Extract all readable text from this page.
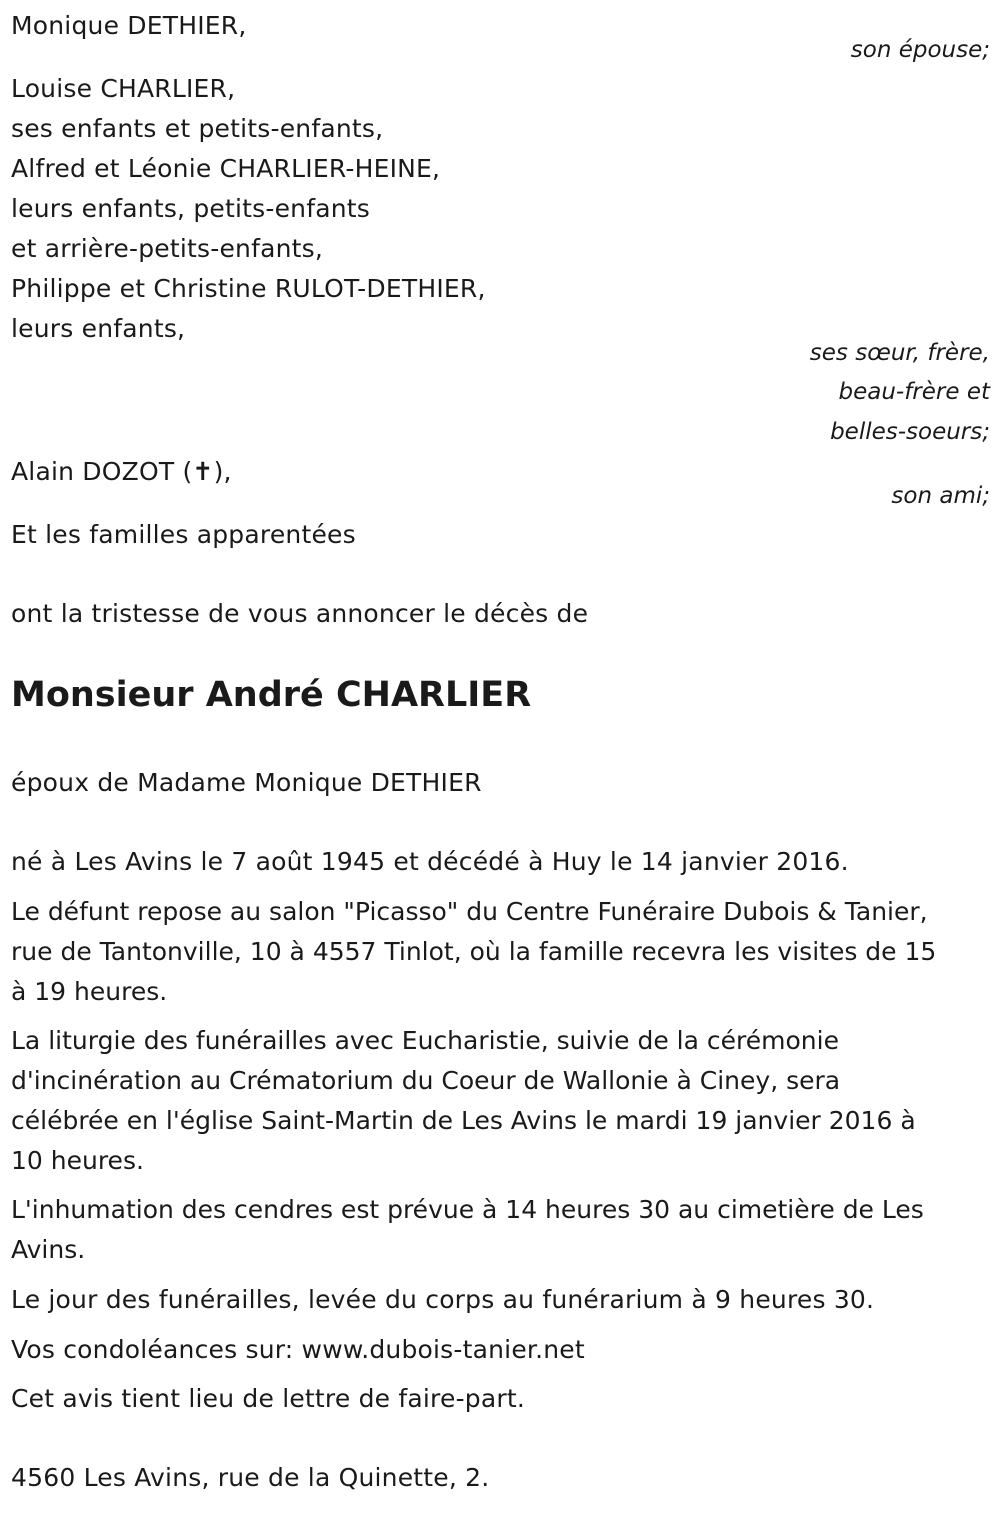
Monique DETHIER,
son épouse;
Louise CHARLIER,
ses enfants et petits-enfants,
Alfred et Léonie CHARLIER-HEINE,
leurs enfants, petits-enfants
et arrière-petits-enfants,
Philippe et Christine RULOT-DETHIER,
leurs enfants,
ses sœur, frère,
beau-frère et
belles-soeurs;
Alain DOZOT (✝),
son ami;
Et les familles apparentées
ont la tristesse de vous annoncer le décès de
Monsieur André CHARLIER
époux de Madame Monique DETHIER
né à Les Avins le 7 août 1945 et décédé à Huy le 14 janvier 2016.
Le défunt repose au salon "Picasso" du Centre Funéraire Dubois & Tanier,
rue de Tantonville, 10 à 4557 Tinlot, où la famille recevra les visites de 15
à 19 heures.
La liturgie des funérailles avec Eucharistie, suivie de la cérémonie
d'incinération au Crématorium du Coeur de Wallonie à Ciney, sera
célébrée en l'église Saint-Martin de Les Avins le mardi 19 janvier 2016 à
10 heures.
L'inhumation des cendres est prévue à 14 heures 30 au cimetière de Les
Avins.
Le jour des funérailles, levée du corps au funérarium à 9 heures 30.
Vos condoléances sur: www.dubois-tanier.net
Cet avis tient lieu de lettre de faire-part.
4560 Les Avins, rue de la Quinette, 2.
